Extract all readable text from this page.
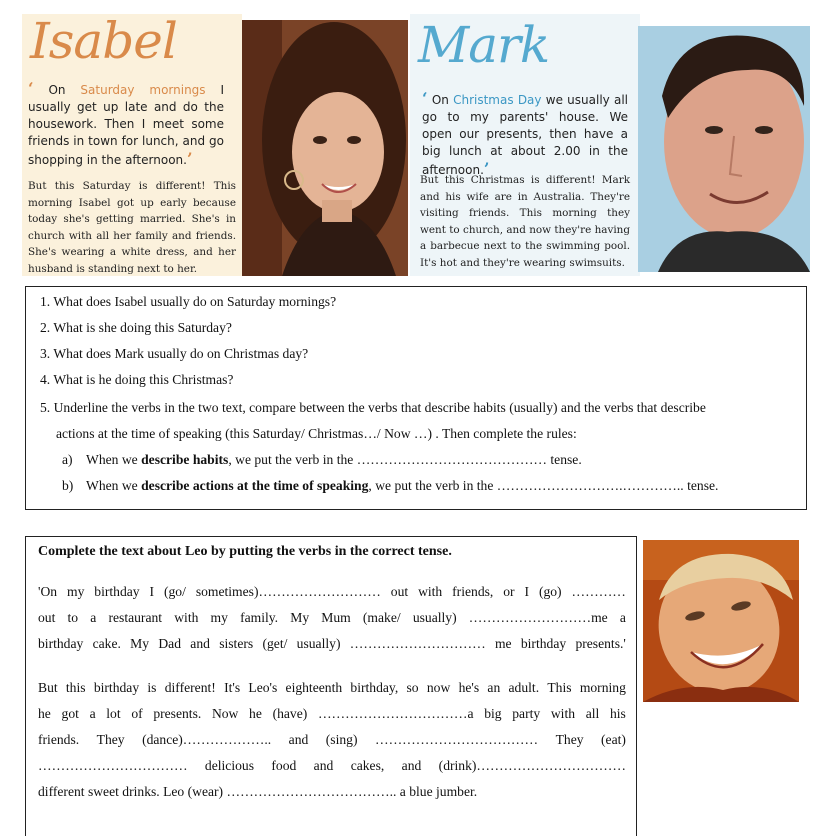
Isabel

‘ On Saturday mornings I usually get up late and do the housework. Then I meet some friends in town for lunch, and go shopping in the afternoon.’

But this Saturday is different! This morning Isabel got up early because today she's getting married. She's in church with all her family and friends. She's wearing a white dress, and her husband is standing next to her.

Mark

‘ On Christmas Day we usually all go to my parents' house. We open our presents, then have a big lunch at about 2.00 in the afternoon.’

But this Christmas is different! Mark and his wife are in Australia. They're visiting friends. This morning they went to church, and now they're having a barbecue next to the swimming pool. It's hot and they're wearing swimsuits.

1. What does Isabel usually do on Saturday mornings?

2. What is she doing this Saturday?

3. What does Mark usually do on Christmas day?

4. What is he doing this Christmas?

5. Underline the verbs in the two text, compare between the verbs that describe habits (usually) and the verbs that describe

actions at the time of speaking (this Saturday/ Christmas…/ Now …) . Then complete the rules:

a) When we describe habits, we put the verb in the …………………………………… tense.

b) When we describe actions at the time of speaking, we put the verb in the ……………………….………….. tense.

Complete the text about Leo by putting the verbs in the correct tense.

'On my birthday I (go/ sometimes)……………………… out with friends, or I (go) …………

out to a restaurant with my family. My Mum (make/ usually) ………………………me a

birthday cake. My Dad and sisters (get/ usually) ………………………… me birthday presents.'

But this birthday is different! It's Leo's eighteenth birthday, so now he's an adult. This morning

he got a lot of presents. Now he (have) ……………………………a big party with all his

friends. They (dance)……………….. and (sing) ……………………………… They (eat)

…………………………… delicious food and cakes, and (drink)……………………………

different sweet drinks. Leo (wear) ……………………………….. a blue jumber.
